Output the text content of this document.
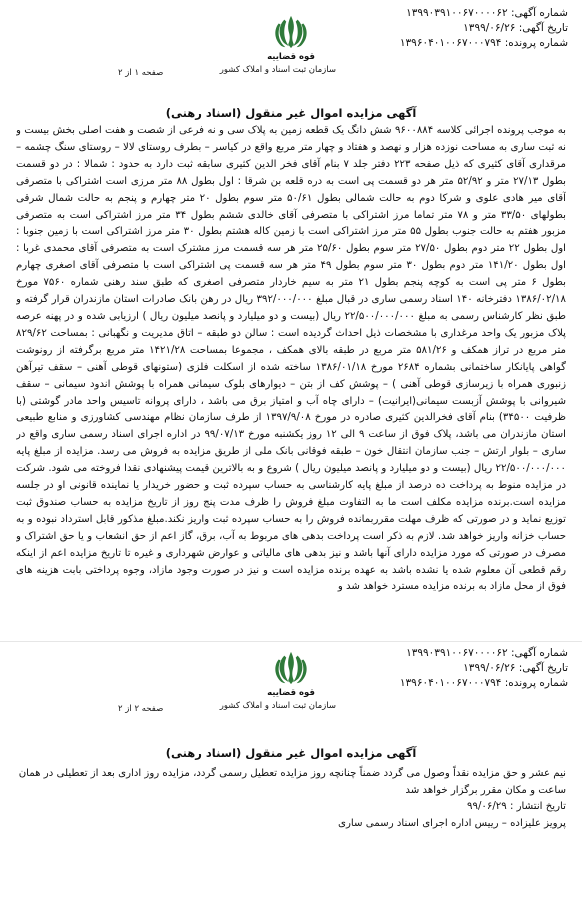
شماره آگهی: ۱۳۹۹۰۳۹۱۰۰۶۷۰۰۰۰۶۲
تاریخ آگهی: ۱۳۹۹/۰۶/۲۶
شماره پرونده: ۱۳۹۶۰۴۰۱۰۰۶۷۰۰۰۷۹۴
قوه قضاییه
سازمان ثبت اسناد و املاک کشور
صفحه ۱ از ۲
آگهی مزایده اموال غیر منقول (اسناد رهنی)
به موجب پرونده اجرائی کلاسه ۹۶۰۰۸۸۴ شش دانگ یک قطعه زمین به پلاک سی و نه فرعی از شصت و هفت اصلی بخش بیست و نه ثبت ساری به مساحت نوزده هزار و نهصد و هفتاد و چهار متر مربع واقع در کیاسر – بطرف روستای لالا – روستای سنگ چشمه – مرقداری آقای کثیری که ذیل صفحه ۲۲۳ دفتر جلد ۷ بنام آقای فخر الدین کثیری سابقه ثبت دارد به حدود : شمالا : در دو قسمت بطول ۲۷/۱۳ متر و ۵۲/۹۲ متر هر دو قسمت پی است به دره قلعه بن شرقا : اول بطول ۸۸ متر مرزی است اشتراکی با متصرفی آقای میر هادی علوی و شرکا دوم به حالت شمالی بطول ۵۰/۶۱ متر سوم بطول ۲۰ متر چهارم و پنجم به حالت شمال شرقی بطولهای ۳۳/۵۰ متر و ۷۸ متر تماما مرز اشتراکی با متصرفی آقای خالدی ششم بطول ۳۴ متر مرز اشتراکی است به متصرفی مزبور هفتم به حالت جنوب بطول ۵۵ متر مرز اشتراکی است با زمین کاله هشتم بطول ۳۰ متر مرز اشتراکی است با زمین جنوبا : اول بطول ۲۲ متر دوم بطول ۲۷/۵۰ متر سوم بطول ۲۵/۶۰ متر هر سه قسمت مرز مشترک است به متصرفی آقای محمدی غربا : اول بطول ۱۴۱/۲۰ متر دوم بطول ۳۰ متر سوم بطول ۴۹ متر هر سه قسمت پی اشتراکی است با متصرفی آقای اصغری چهارم بطول ۶ متر پی است به کوچه پنجم بطول ۲۱ متر به سیم خاردار متصرفی اصغری که طبق سند رهنی شماره ۷۵۶۰ مورخ ۱۳۸۶/۰۲/۱۸ دفترخانه ۱۴۰ اسناد رسمی ساری در قبال مبلغ ۳۹۲/۰۰۰/۰۰۰ ریال در رهن بانک صادرات استان مازندران قرار گرفته و طبق نظر کارشناس رسمی به مبلغ ۲۲/۵۰۰/۰۰۰/۰۰۰ ریال (بیست و دو میلیارد و پانصد میلیون ریال ) ارزیابی شده و در پهنه عرصه پلاک مزبور یک واحد مرغداری با مشخصات ذیل احداث گردیده است : سالن دو طبقه – اتاق مدیریت و نگهبانی : بمساحت ۸۲۹/۶۲ متر مربع در تراز همکف و ۵۸۱/۲۶ متر مربع در طبقه بالای همکف ، مجموعا بمساحت ۱۴۲۱/۲۸ متر مربع برگرفته از رونوشت گواهی پایانکار ساختمانی بشماره ۲۶۸۴ مورخ ۱۳۸۶/۰۱/۱۸ ساخته شده از اسکلت فلزی (ستونهای قوطی آهنی – سقف تیرآهن زنبوری همراه با زیرسازی قوطی آهنی ) – پوشش کف از بتن – دیوارهای بلوک سیمانی همراه با پوشش اندود سیمانی – سقف شیروانی با پوشش آزبست سیمانی(ایرانیت) – دارای چاه آب و امتیاز برق می باشد ، دارای پروانه تاسیس واحد مادر گوشتی (با ظرفیت ۳۴۵۰۰) بنام آقای فخرالدین کثیری صادره در مورخ ۱۳۹۷/۹/۰۸ از طرف سازمان نظام مهندسی کشاورزی و منابع طبیعی استان مازندران می باشد، پلاک فوق از ساعت ۹ الی ۱۲ روز یکشنبه مورخ ۹۹/۰۷/۱۳ در اداره اجرای اسناد رسمی ساری واقع در ساری – بلوار ارتش – جنب سازمان انتقال خون – طبقه فوقانی بانک ملی از طریق مزایده به فروش می رسد. مزایده از مبلغ پایه ۲۲/۵۰۰/۰۰۰/۰۰۰ ریال (بیست و دو میلیارد و پانصد میلیون ریال ) شروع و به بالاترین قیمت پیشنهادی نقدا فروخته می شود. شرکت در مزایده منوط به پرداخت ده درصد از مبلغ پایه کارشناسی به حساب سپرده ثبت و حضور خریدار یا نماینده قانونی او در جلسه مزایده است.برنده مزایده مکلف است ما به التفاوت مبلغ فروش را ظرف مدت پنج روز از تاریخ مزایده به حساب صندوق ثبت توزیع نماید و در صورتی که ظرف مهلت مقرربمانده فروش را به حساب سپرده ثبت واریز نکند.مبلغ مذکور قابل استرداد نبوده و به حساب خزانه واریز خواهد شد. لازم به ذکر است پرداخت بدهی های مربوط به آب، برق، گاز اعم از حق انشعاب و یا حق اشتراک و مصرف در صورتی که مورد مزایده دارای آنها باشد و نیز بدهی های مالیاتی و عوارض شهرداری و غیره تا تاریخ مزایده اعم از اینکه رقم قطعی آن معلوم شده یا نشده باشد به عهده برنده مزایده است و نیز در صورت وجود مازاد، وجوه پرداختی بابت هزینه های فوق از محل مازاد به برنده مزایده مسترد خواهد شد و
شماره آگهی: ۱۳۹۹۰۳۹۱۰۰۶۷۰۰۰۰۶۲
تاریخ آگهی: ۱۳۹۹/۰۶/۲۶
شماره پرونده: ۱۳۹۶۰۴۰۱۰۰۶۷۰۰۰۷۹۴
قوه قضاییه
سازمان ثبت اسناد و املاک کشور
صفحه ۲ از ۲
آگهی مزایده اموال غیر منقول (اسناد رهنی)
نیم عشر و حق مزایده نقداً وصول می گردد ضمناً چنانچه روز مزایده تعطیل رسمی گردد، مزایده روز اداری بعد از تعطیلی در همان ساعت و مکان مقرر برگزار خواهد شد
تاریخ انتشار : ۹۹/۰۶/۲۹
پرویز علیزاده – رییس اداره اجرای اسناد رسمی ساری
